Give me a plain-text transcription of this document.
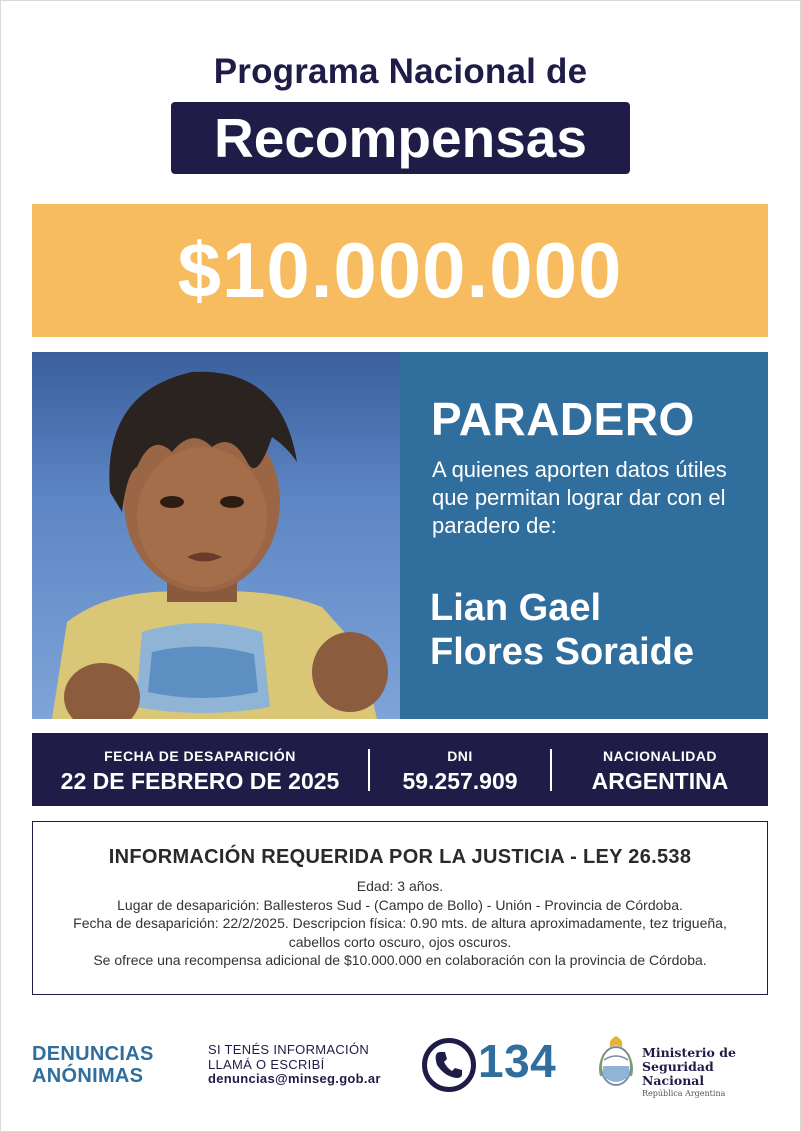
Programa Nacional de
Recompensas
$10.000.000
PARADERO
A quienes aporten datos útiles que permitan lograr dar con el paradero de:
Lian Gael
Flores Soraide
FECHA DE DESAPARICIÓN
22 DE FEBRERO DE 2025
DNI
59.257.909
NACIONALIDAD
ARGENTINA
INFORMACIÓN REQUERIDA POR LA JUSTICIA - LEY 26.538
Edad: 3 años.
Lugar de desaparición: Ballesteros Sud - (Campo de Bollo) - Unión - Provincia de Córdoba.
Fecha de desaparición: 22/2/2025. Descripcion física: 0.90 mts. de altura aproximadamente, tez trigueña, cabellos corto oscuro, ojos oscuros.
Se ofrece una recompensa adicional de $10.000.000 en colaboración con la provincia de Córdoba.
DENUNCIAS
ANÓNIMAS
SI TENÉS INFORMACIÓN
LLAMÁ O ESCRIBÍ
denuncias@minseg.gob.ar 134	Ministerio de
Seguridad Nacional
República Argentina
